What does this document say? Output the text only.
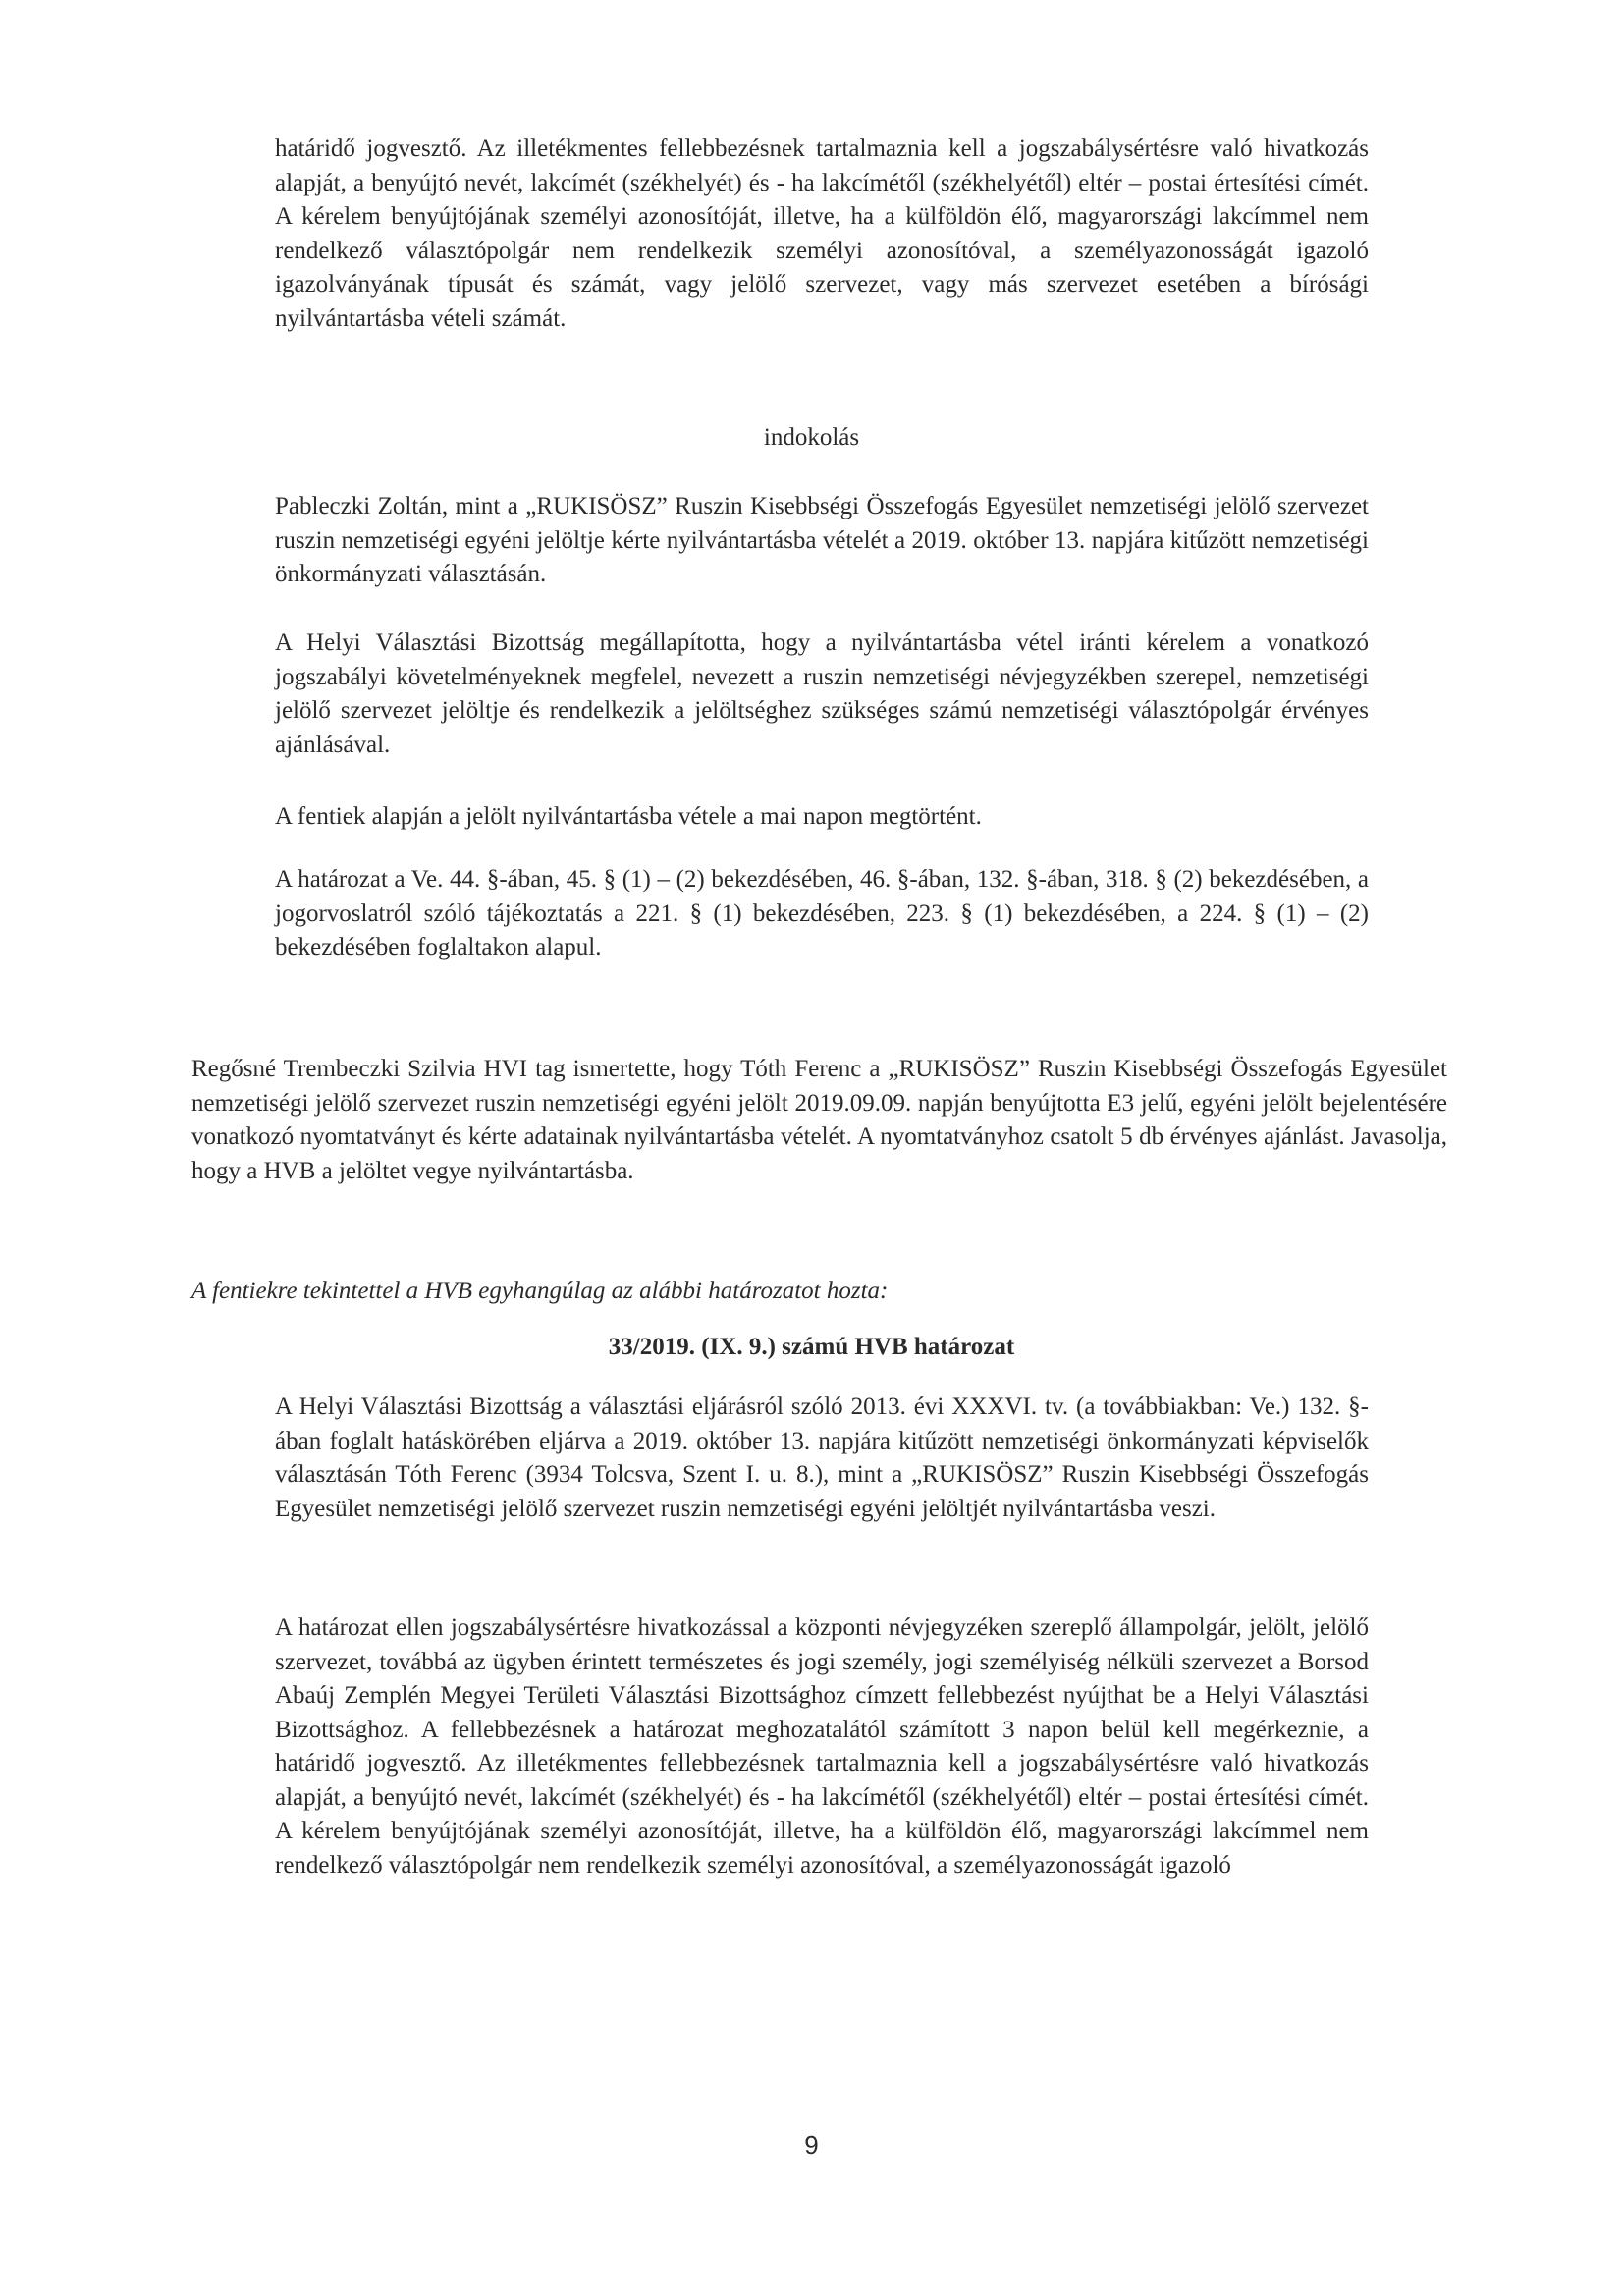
határidő jogvesztő. Az illetékmentes fellebbezésnek tartalmaznia kell a jogszabálysértésre való hivatkozás alapját, a benyújtó nevét, lakcímét (székhelyét) és - ha lakcímétől (székhelyétől) eltér – postai értesítési címét. A kérelem benyújtójának személyi azonosítóját, illetve, ha a külföldön élő, magyarországi lakcímmel nem rendelkező választópolgár nem rendelkezik személyi azonosítóval, a személyazonosságát igazoló igazolványának típusát és számát, vagy jelölő szervezet, vagy más szervezet esetében a bírósági nyilvántartásba vételi számát.

indokolás

Pableczki Zoltán, mint a „RUKISÖSZ” Ruszin Kisebbségi Összefogás Egyesület nemzetiségi jelölő szervezet ruszin nemzetiségi egyéni jelöltje kérte nyilvántartásba vételét a 2019. október 13. napjára kitűzött nemzetiségi önkormányzati választásán.

A Helyi Választási Bizottság megállapította, hogy a nyilvántartásba vétel iránti kérelem a vonatkozó jogszabályi követelményeknek megfelel, nevezett a ruszin nemzetiségi névjegyzékben szerepel, nemzetiségi jelölő szervezet jelöltje és rendelkezik a jelöltséghez szükséges számú nemzetiségi választópolgár érvényes ajánlásával.

A fentiek alapján a jelölt nyilvántartásba vétele a mai napon megtörtént.

A határozat a Ve. 44. §-ában, 45. § (1) – (2) bekezdésében, 46. §-ában, 132. §-ában, 318. § (2) bekezdésében, a jogorvoslatról szóló tájékoztatás a 221. § (1) bekezdésében, 223. § (1) bekezdésében, a 224. § (1) – (2) bekezdésében foglaltakon alapul.

Regősné Trembeczki Szilvia HVI tag ismertette, hogy Tóth Ferenc a „RUKISÖSZ” Ruszin Kisebbségi Összefogás Egyesület nemzetiségi jelölő szervezet ruszin nemzetiségi egyéni jelölt 2019.09.09. napján benyújtotta E3 jelű, egyéni jelölt bejelentésére vonatkozó nyomtatványt és kérte adatainak nyilvántartásba vételét. A nyomtatványhoz csatolt 5 db érvényes ajánlást. Javasolja, hogy a HVB a jelöltet vegye nyilvántartásba.

A fentiekre tekintettel a HVB egyhangúlag az alábbi határozatot hozta:

33/2019. (IX. 9.) számú HVB határozat

A Helyi Választási Bizottság a választási eljárásról szóló 2013. évi XXXVI. tv. (a továbbiakban: Ve.) 132. §-ában foglalt hatáskörében eljárva a 2019. október 13. napjára kitűzött nemzetiségi önkormányzati képviselők választásán Tóth Ferenc (3934 Tolcsva, Szent I. u. 8.), mint a „RUKISÖSZ” Ruszin Kisebbségi Összefogás Egyesület nemzetiségi jelölő szervezet ruszin nemzetiségi egyéni jelöltjét nyilvántartásba veszi.

A határozat ellen jogszabálysértésre hivatkozással a központi névjegyzéken szereplő állampolgár, jelölt, jelölő szervezet, továbbá az ügyben érintett természetes és jogi személy, jogi személyiség nélküli szervezet a Borsod Abaúj Zemplén Megyei Területi Választási Bizottsághoz címzett fellebbezést nyújthat be a Helyi Választási Bizottsághoz. A fellebbezésnek a határozat meghozatalától számított 3 napon belül kell megérkeznie, a határidő jogvesztő. Az illetékmentes fellebbezésnek tartalmaznia kell a jogszabálysértésre való hivatkozás alapját, a benyújtó nevét, lakcímét (székhelyét) és - ha lakcímétől (székhelyétől) eltér – postai értesítési címét. A kérelem benyújtójának személyi azonosítóját, illetve, ha a külföldön élő, magyarországi lakcímmel nem rendelkező választópolgár nem rendelkezik személyi azonosítóval, a személyazonosságát igazoló

9
